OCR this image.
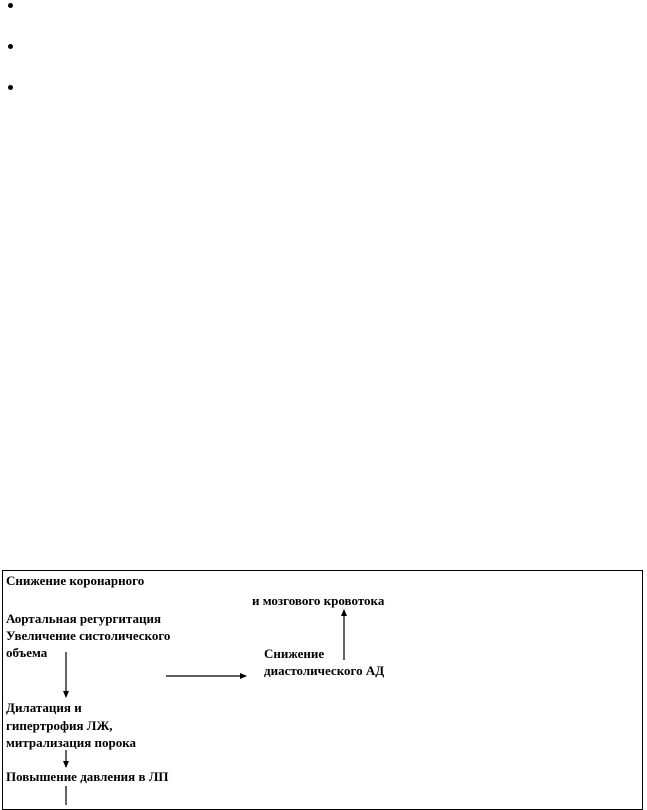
Снижение коронарного
и мозгового кровотока
Аортальная регургитация
Увеличение систолического
объема	Снижение
диастолического АД
Дилатация и
гипертрофия ЛЖ,
митрализация порока
Повышение давления в ЛП
